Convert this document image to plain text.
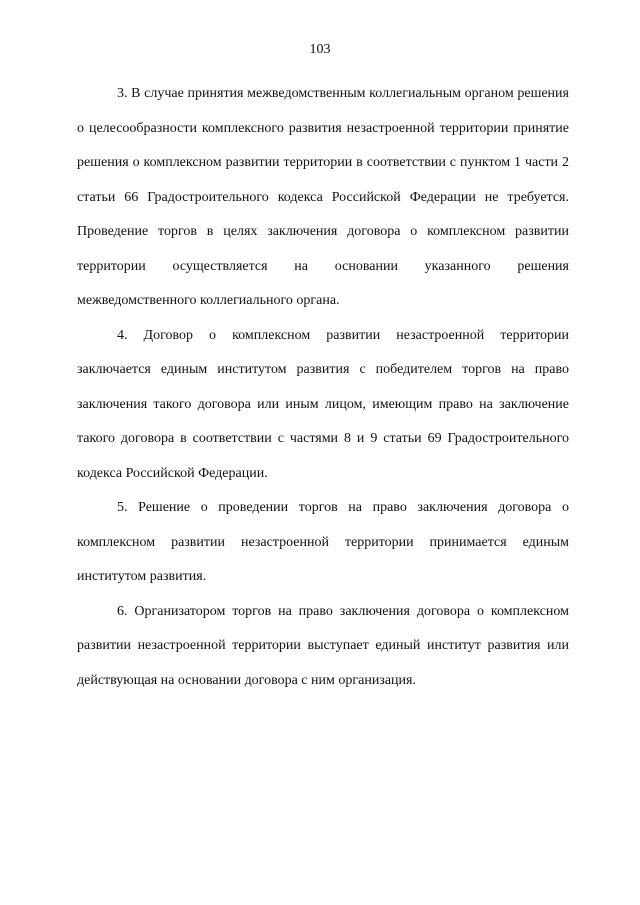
103

3. В случае принятия межведомственным коллегиальным органом решения о целесообразности комплексного развития незастроенной территории принятие решения о комплексном развитии территории в соответствии с пунктом 1 части 2 статьи 66 Градостроительного кодекса Российской Федерации не требуется. Проведение торгов в целях заключения договора о комплексном развитии территории осуществляется на основании указанного решения межведомственного коллегиального органа.

4. Договор о комплексном развитии незастроенной территории заключается единым институтом развития с победителем торгов на право заключения такого договора или иным лицом, имеющим право на заключение такого договора в соответствии с частями 8 и 9 статьи 69 Градостроительного кодекса Российской Федерации.

5. Решение о проведении торгов на право заключения договора о комплексном развитии незастроенной территории принимается единым институтом развития.

6. Организатором торгов на право заключения договора о комплексном развитии незастроенной территории выступает единый институт развития или действующая на основании договора с ним организация.
